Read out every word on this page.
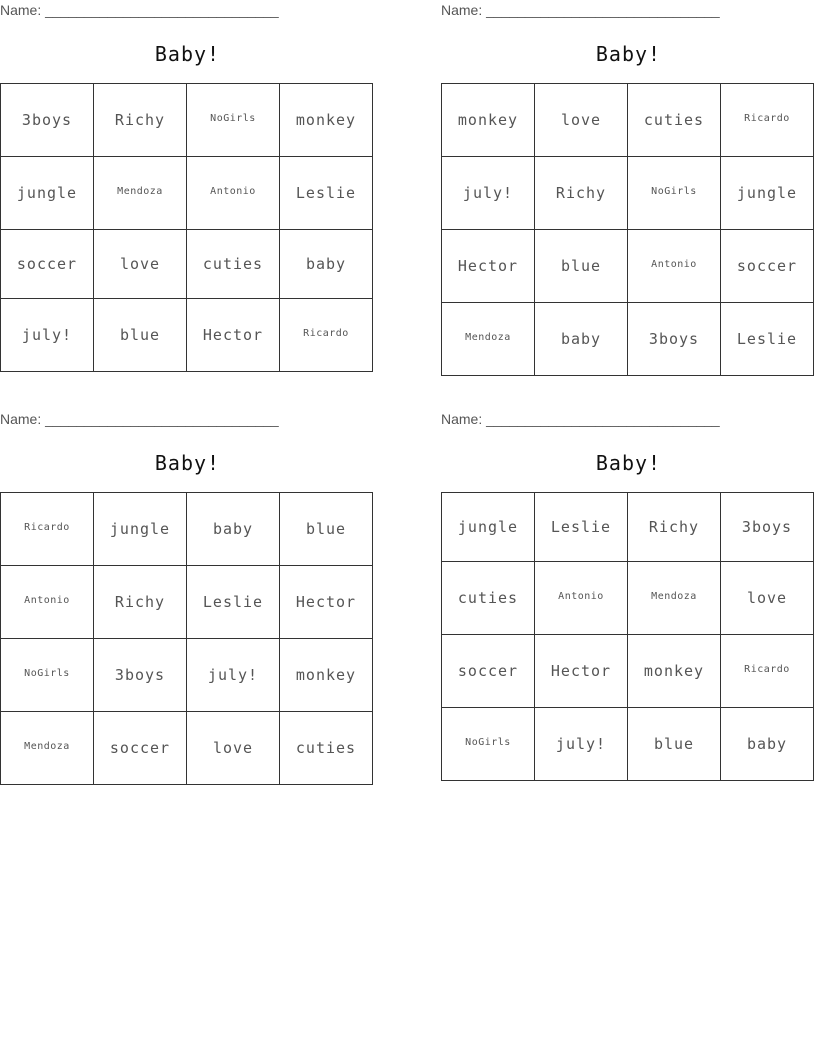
Name: ______________________________
Baby!
3boys	Richy	NoGirls	monkey
jungle	Mendoza	Antonio	Leslie
soccer	love	cuties	baby
july!	blue	Hector	Ricardo
Name: ______________________________
Baby!
monkey	love	cuties	Ricardo
july!	Richy	NoGirls	jungle
Hector	blue	Antonio	soccer
Mendoza	baby	3boys	Leslie
Name: ______________________________
Baby!
Ricardo	jungle	baby	blue
Antonio	Richy	Leslie	Hector
NoGirls	3boys	july!	monkey
Mendoza	soccer	love	cuties
Name: ______________________________
Baby!
jungle	Leslie	Richy	3boys
cuties	Antonio	Mendoza	love
soccer	Hector	monkey	Ricardo
NoGirls	july!	blue	baby
